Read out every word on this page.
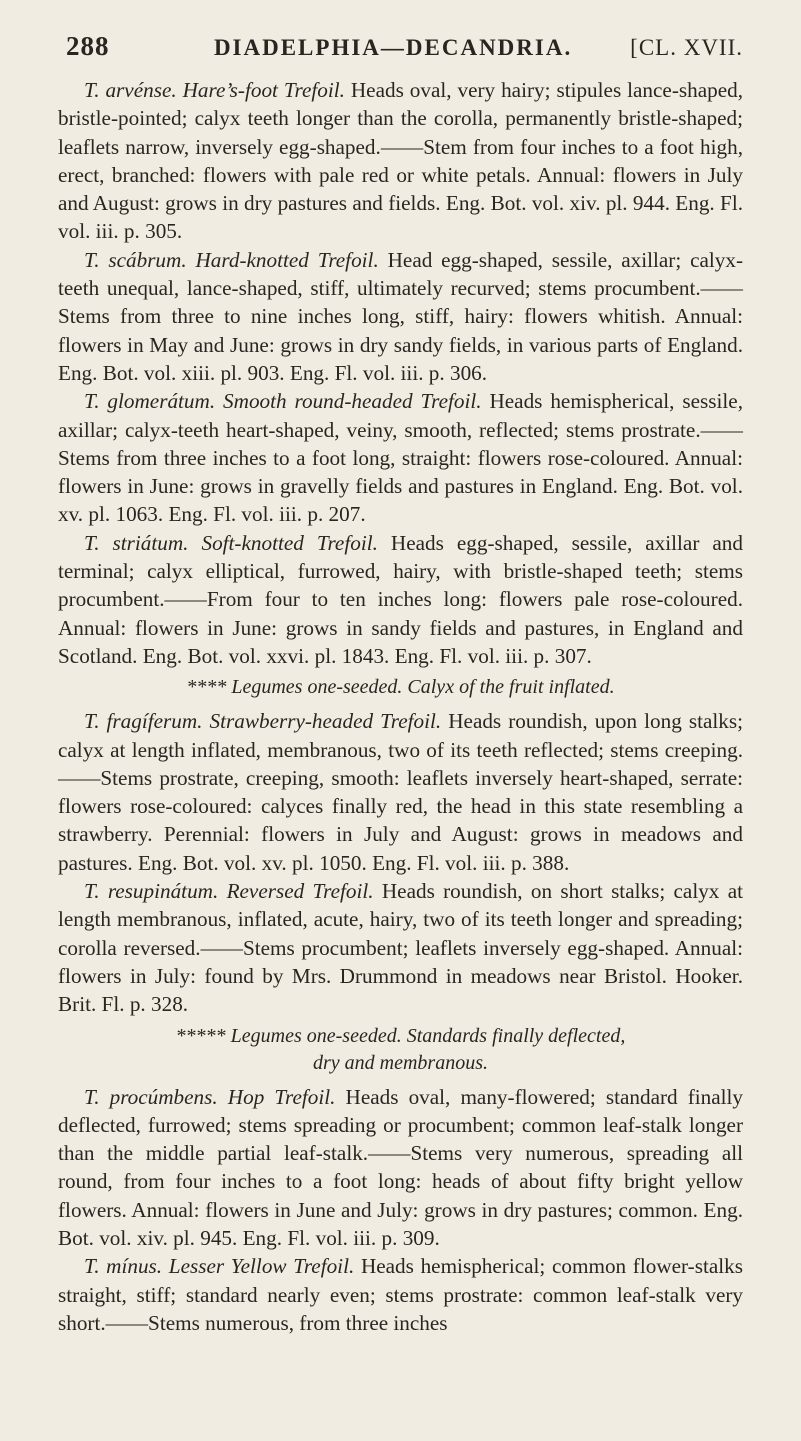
288	DIADELPHIA—DECANDRIA.	[CL. XVII.

T. arvénse. Hare’s-foot Trefoil. Heads oval, very hairy; stipules lance-shaped, bristle-pointed; calyx teeth longer than the corolla, permanently bristle-shaped; leaflets narrow, inversely egg-shaped.——Stem from four inches to a foot high, erect, branched: flowers with pale red or white petals. Annual: flowers in July and August: grows in dry pastures and fields. Eng. Bot. vol. xiv. pl. 944. Eng. Fl. vol. iii. p. 305.

T. scábrum. Hard-knotted Trefoil. Head egg-shaped, sessile, axillar; calyx-teeth unequal, lance-shaped, stiff, ultimately recurved; stems procumbent.——Stems from three to nine inches long, stiff, hairy: flowers whitish. Annual: flowers in May and June: grows in dry sandy fields, in various parts of England. Eng. Bot. vol. xiii. pl. 903. Eng. Fl. vol. iii. p. 306.

T. glomerátum. Smooth round-headed Trefoil. Heads hemispherical, sessile, axillar; calyx-teeth heart-shaped, veiny, smooth, reflected; stems prostrate.——Stems from three inches to a foot long, straight: flowers rose-coloured. Annual: flowers in June: grows in gravelly fields and pastures in England. Eng. Bot. vol. xv. pl. 1063. Eng. Fl. vol. iii. p. 207.

T. striátum. Soft-knotted Trefoil. Heads egg-shaped, sessile, axillar and terminal; calyx elliptical, furrowed, hairy, with bristle-shaped teeth; stems procumbent.——From four to ten inches long: flowers pale rose-coloured. Annual: flowers in June: grows in sandy fields and pastures, in England and Scotland. Eng. Bot. vol. xxvi. pl. 1843. Eng. Fl. vol. iii. p. 307.

**** Legumes one-seeded. Calyx of the fruit inflated.

T. fragíferum. Strawberry-headed Trefoil. Heads roundish, upon long stalks; calyx at length inflated, membranous, two of its teeth reflected; stems creeping.——Stems prostrate, creeping, smooth: leaflets inversely heart-shaped, serrate: flowers rose-coloured: calyces finally red, the head in this state resembling a strawberry. Perennial: flowers in July and August: grows in meadows and pastures. Eng. Bot. vol. xv. pl. 1050. Eng. Fl. vol. iii. p. 388.

T. resupinátum. Reversed Trefoil. Heads roundish, on short stalks; calyx at length membranous, inflated, acute, hairy, two of its teeth longer and spreading; corolla reversed.——Stems procumbent; leaflets inversely egg-shaped. Annual: flowers in July: found by Mrs. Drummond in meadows near Bristol. Hooker. Brit. Fl. p. 328.

***** Legumes one-seeded. Standards finally deflected,
dry and membranous.

T. procúmbens. Hop Trefoil. Heads oval, many-flowered; standard finally deflected, furrowed; stems spreading or procumbent; common leaf-stalk longer than the middle partial leaf-stalk.——Stems very numerous, spreading all round, from four inches to a foot long: heads of about fifty bright yellow flowers. Annual: flowers in June and July: grows in dry pastures; common. Eng. Bot. vol. xiv. pl. 945. Eng. Fl. vol. iii. p. 309.

T. mínus. Lesser Yellow Trefoil. Heads hemispherical; common flower-stalks straight, stiff; standard nearly even; stems prostrate: common leaf-stalk very short.——Stems numerous, from three inches
